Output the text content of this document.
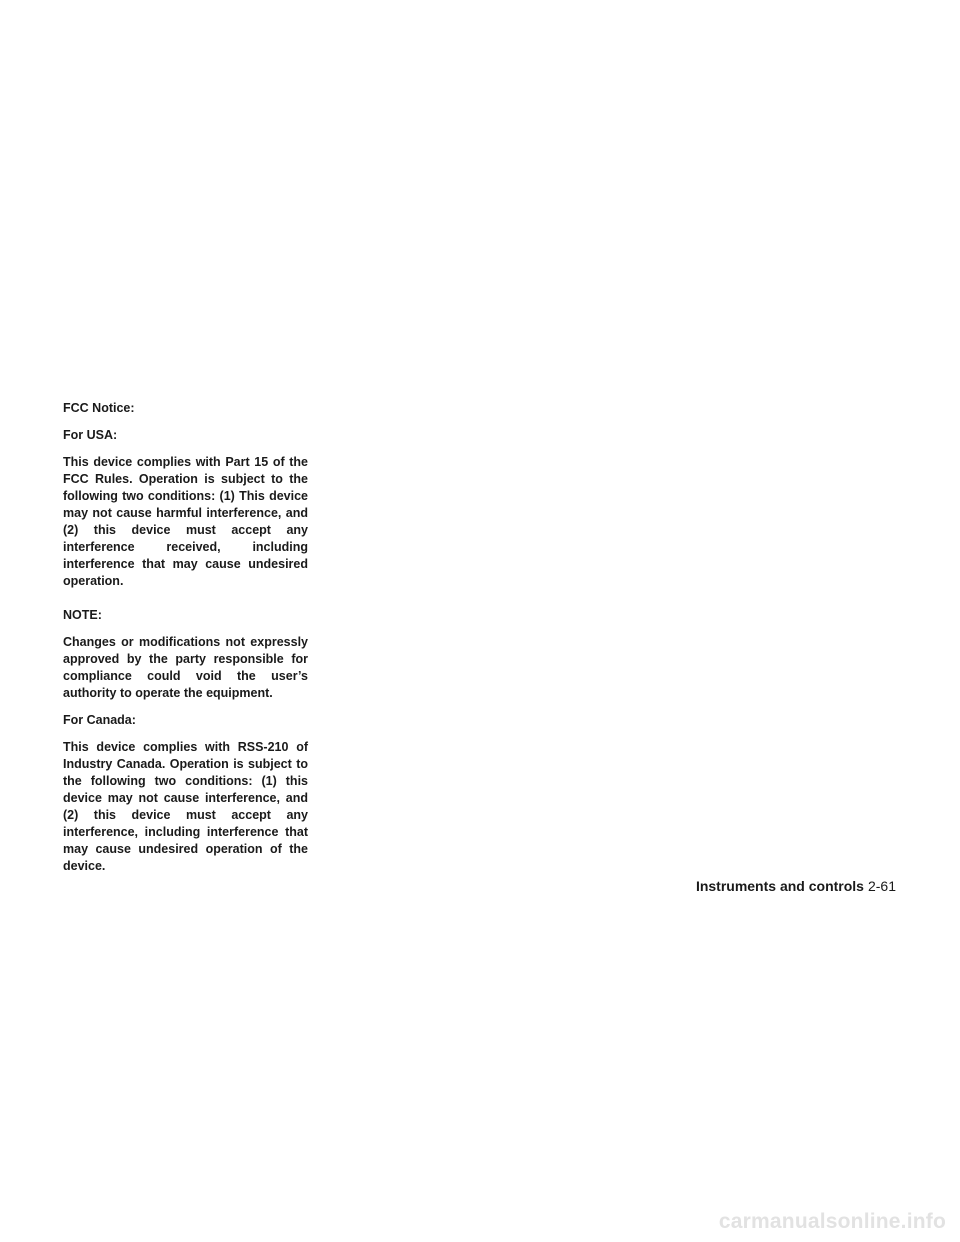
FCC Notice:
For USA:
This device complies with Part 15 of the FCC Rules. Operation is subject to the following two conditions: (1) This device may not cause harmful interference, and (2) this device must accept any interference received, including interference that may cause undesired operation.
NOTE:
Changes or modifications not expressly approved by the party responsible for compliance could void the user’s authority to operate the equipment.
For Canada:
This device complies with RSS-210 of Industry Canada. Operation is subject to the following two conditions: (1) this device may not cause interference, and (2) this device must accept any interference, including interference that may cause undesired operation of the device.
Instruments and controls 2-61
carmanualsonline.info
